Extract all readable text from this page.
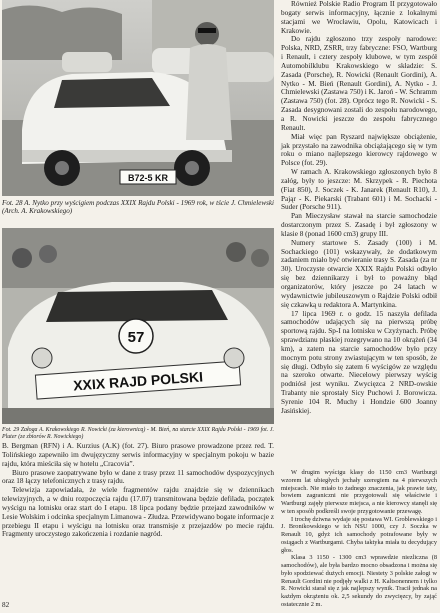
B72-5 KR

Fot. 28 A. Nytko przy wyścigiem podczas XXIX Rajdu Polski - 1969 rok, w tście J. Chmielewski (Arch. A. Krakowskiego)

57
XXIX RAJD POLSKI

Fot. 29 Załoga A. Krakowskiego R. Nowicki (za kierownicą) - M. Bień, na starcie XXIX Rajdu Polski - 1969 fot. J. Pluter (ze zbiorów R. Nowickiego)

Również Polskie Radio Program II przygotowało bogaty serwis informacyjny, łącznie z lokalnymi stacjami we Wrocławiu, Opolu, Katowicach i Krakowie.

Do rajdu zgłoszono trzy zespoły narodowe: Polska, NRD, ZSRR, trzy fabryczne: FSO, Wartburg i Renault, i cztery zespoły klubowe, w tym zespół Automobilklubu Krakowskiego w składzie: S. Zasada (Porsche), R. Nowicki (Renault Gordini), A. Nytko - M. Bień (Renault Gordini), A. Nytko - J. Chmielewski (Zastawa 750) i K. Jaroń - W. Schramm (Zastawa 750) (fot. 28). Oprócz tego R. Nowicki - S. Zasada desygnowani zostali do zespołu narodowego, a R. Nowicki jeszcze do zespołu fabrycznego Renault.

Miał więc pan Ryszard największe obciążenie, jak przystało na zawodnika obciążającego się w tym roku o miano najlepszego kierowcy rajdowego w Polsce (fot. 29).

W ramach A. Krakowskiego zgłoszonych było 8 załóg, były to jeszcze: M. Skrzypek - R. Piechota (Fiat 850), J. Soczek - K. Janarek (Renault R10), J. Pająr - K. Piekarski (Trabant 601) i M. Sochacki - Suder (Porsche 911).

Pan Mieczysław stawał na starcie samochodzie dostarczonym przez S. Zasadę i był zgłoszony w klasie 8 (ponad 1600 cm3) grupy III.

Numery startowe S. Zasady (100) i M. Sochackiego (101) wskazywały, że dodatkowym zadaniem miało być otwieranie trasy S. Zasada (za nr 30). Uroczyste otwarcie XXIX Rajdu Polski odbyło się bez dziennikarzy i był to poważny błąd organizatorów, który jeszcze po 24 latach w wydawnictwie jubileuszowym o Rajdzie Polski odbił się czkawką u redaktora A. Martynkina.

17 lipca 1969 r. o godz. 15 naszyła defilada samochodów udających się na pierwszą próbę sportową rajdu. Sp-I na lotnisku w Czyżynach. Próbę sprawdzianu płaskiej rozegrywano na 10 okrążeń (34 km), a zatem na starcie samochodów było przy mocnym potu strony zwiastującym w ten sposób, że się długi. Odbyło się zatem 6 wyścigów ze względu na szeroko otwarte. Niecelowy pierwszy wyścig podniósł jest wyniku. Zwycięzca 2 NRD-owskie Trabanty nie sprostały Sicy Puchowi J. Borowicza. Syrenie 104 R. Muchy i Hondzie 600 Joanny Jasińskiej.

B. Bergman (RFN) i A. Kurzius (A.K) (fot. 27). Biuro prasowe prowadzone przez red. T. Tolińskiego zapewniło im dwujęzyczny serwis informacyjny w specjalnym pokoju w bazie rajdu, która mieściła się w hotelu „Cracovia”.

Biuro prasowe zaopatrywane było w dane z trasy przez 11 samochodów dyspozycyjnych oraz 18 łączy telefonicznych z trasy rajdu.

Telewizja zapowiadała, że wiele fragmentów rajdu znajdzie się w dziennikach telewizyjnych, a w dniu rozpoczęcia rajdu (17.07) transmitowana będzie defilada, początek wyścigu na lotnisku oraz start do I etapu. 18 lipca podany będzie przejazd zawodników w Lesie Wolskim i odcinka specjalnym Limanowa - Złudza. Przewidywano bogate informacje z przebiegu II etapu i wyścigu na lotnisku oraz transmisje z przejazdów po mecie rajdu. Fragmenty uroczystego zakończenia i rozdanie nagród.

W drugim wyścigu klasy do 1150 cm3 Wartburgi wzorem lat ubiegłych jechały szeregiem na 4 pierwszych miejscach. Nie miało to żadnego znaczenia, jak prawie taty, bowiem zagraniczni nie przygotowali się właściwie i Wartburgi zajęły pierwsze miejsca, a nie kierowcy stanęli się w ten sposób podkreśli swoje przygotowanie przewagę.

I trochę dziwna wydaje się postawa WI. Groblewskiego i J. Bronikowskiego w ich NSU 1000, czy J. Soczka w Renault 10, gdyż ich samochody potrafowane były w osiągach z Wartburgami. Chyba taktyka miała tu decydujący głos.

Klasa 3 1150 - 1300 cm3 wprawdzie niezliczna (8 samochodów), ale była bardzo mocno obsadzona i można się było spodziewać dużych emocji. Niestety 3 polskie załogi w Renault Gordini nie podjęły walki z H. Kaltsonennem i tylko R. Nowicki starał się z jak najlepszy wynik. Tracił jednak na każdym okrążeniu ok. 2,5 sekundy do zwycięzcy, by zająć ostatecznie 2 m.

82
